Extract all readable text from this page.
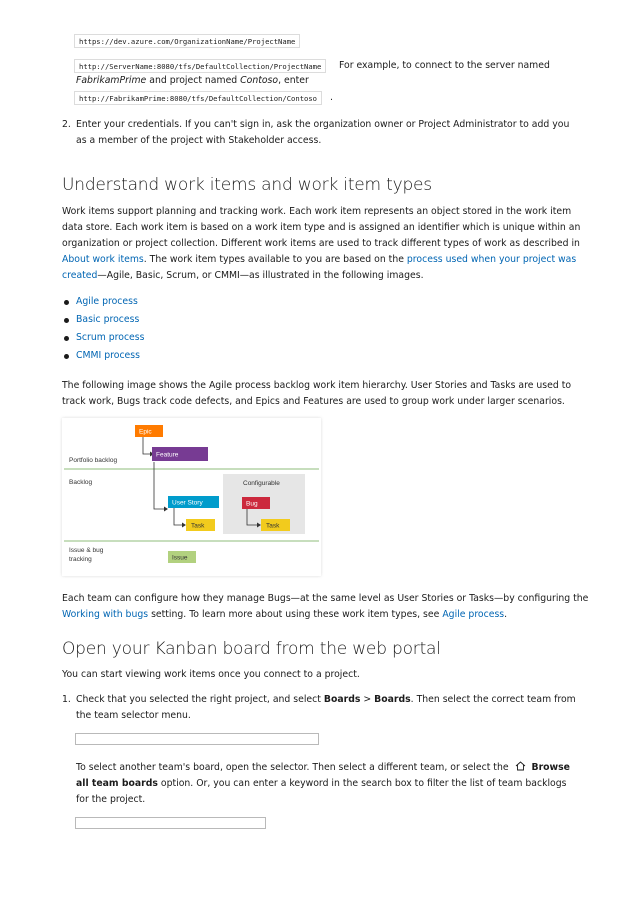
https://dev.azure.com/OrganizationName/ProjectName
http://ServerName:8080/tfs/DefaultCollection/ProjectName	For example, to connect to the server named
FabrikamPrime and project named Contoso, enter
http://FabrikamPrime:8080/tfs/DefaultCollection/Contoso	.
2. Enter your credentials. If you can't sign in, ask the organization owner or Project Administrator to add you
as a member of the project with Stakeholder access.
Understand work items and work item types
Work items support planning and tracking work. Each work item represents an object stored in the work item
data store. Each work item is based on a work item type and is assigned an identifier which is unique within an
organization or project collection. Different work items are used to track different types of work as described in
About work items. The work item types available to you are based on the process used when your project was
created—Agile, Basic, Scrum, or CMMI—as illustrated in the following images.
Agile process
Basic process
Scrum process
CMMI process
The following image shows the Agile process backlog work item hierarchy. User Stories and Tasks are used to
track work, Bugs track code defects, and Epics and Features are used to group work under larger scenarios.
Epic
Feature
User Story
Task
Bug
Task
Issue
Portfolio backlog
Backlog	Configurable
Issue & bug
tracking
Each team can configure how they manage Bugs—at the same level as User Stories or Tasks—by configuring the
Working with bugs setting. To learn more about using these work item types, see Agile process.
Open your Kanban board from the web portal
You can start viewing work items once you connect to a project.
1. Check that you selected the right project, and select Boards > Boards. Then select the correct team from
the team selector menu.
To select another team's board, open the selector. Then select a different team, or select the Browse
all team boards option. Or, you can enter a keyword in the search box to filter the list of team backlogs
for the project.
